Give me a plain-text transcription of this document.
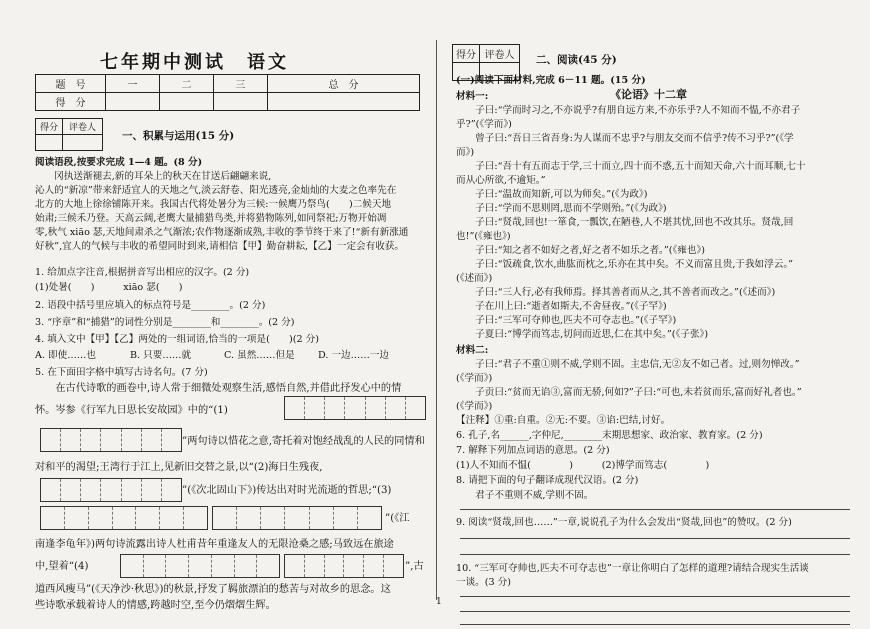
七年期中测试　语文
题　号	一	二	三	总　分
得　分				
得分	评卷人

一、积累与运用(15 分)
阅读语段,按要求完成 1—4 题。(8 分)
　　冈执送渐褪去,新的耳朵上的秋天在甘送后翩翩来说,
沁人的“新凉”带来舒适宜人的天地之气,淡云舒卷、阳光透亮,金灿灿的大麦之色率先在
北方的大地上徐徐铺陈开来。我国古代将处暑分为三候:一候鹰乃祭鸟(　　)二候天地
始肃;三候禾乃登。天高云阔,老鹰大量捕猎鸟类,并将猎物陈列,如同祭祀;万物开始凋
零,秋气 xiāo 瑟,天地间肃杀之气渐浓;农作物逐渐成熟,丰收的季节终于来了!“新有新涨通
好秋”,宜人的气候与丰收的希望同时到来,请相信【甲】勤奋耕耘,【乙】一定会有收获。
1. 给加点字注音,根据拼音写出相应的汉字。(2 分)
(1)处暑(　　)　　　xiāo 瑟(　　)
2. 语段中括号里应填入的标点符号是________。(2 分)
3. “序章”和“捕猎”的词性分别是________和________。(2 分)
4. 填入文中【甲】【乙】两处的一组词语,恰当的一项是(　　)(2 分)
A. 即使……也	B. 只要……就	C. 虽然……但是 D. 一边……一边
5. 在下面田字格中填写古诗名句。(7 分)
　　在古代诗歌的画卷中,诗人常于细微处观察生活,感悟自然,并借此抒发心中的情
怀。岑参《行军九日思长安故园》中的“(1)
”两句诗以惜花之意,寄托着对饱经战乱的人民的同情和
对和平的渴望;王湾行于江上,见新旧交替之景,以“(2)海日生残夜,
”(《次北固山下》)传达出对时光流逝的哲思;“(3)
”(《江
南逢李龟年》)两句诗流露出诗人杜甫昔年重逢友人的无限沧桑之感;马致远在旅途
中,望着“(4)	”,古
道西风瘦马”(《天净沙·秋思》)的秋景,抒发了羁旅漂泊的愁苦与对故乡的思念。这
些诗歌承载着诗人的情感,跨越时空,至今仍熠熠生辉。
得分	评卷人
	二、阅读(45 分)
(一)阅读下面材料,完成 6－11 题。(15 分)
材料一:	《论语》十二章
　　子曰:“学而时习之,不亦说乎?有朋自远方来,不亦乐乎?人不知而不愠,不亦君子
乎?”(《学而》)
　　曾子曰:“吾日三省吾身:为人谋而不忠乎?与朋友交而不信乎?传不习乎?”(《学
而》)
　　子曰:“吾十有五而志于学,三十而立,四十而不惑,五十而知天命,六十而耳顺,七十
而从心所欲,不逾矩。”
　　子曰:“温故而知新,可以为师矣。”(《为政》)
　　子曰:“学而不思则罔,思而不学则殆。”(《为政》)
　　子曰:“贤哉,回也!一箪食,一瓢饮,在陋巷,人不堪其忧,回也不改其乐。贤哉,回
也!”(《雍也》)
　　子曰:“知之者不如好之者,好之者不如乐之者。”(《雍也》)
　　子曰:“饭疏食,饮水,曲肱而枕之,乐亦在其中矣。不义而富且贵,于我如浮云。”
(《述而》)
　　子曰:“三人行,必有我师焉。择其善者而从之,其不善者而改之。”(《述而》)
　　子在川上曰:“逝者如斯夫,不舍昼夜。”(《子罕》)
　　子曰:“三军可夺帅也,匹夫不可夺志也。”(《子罕》)
　　子夏曰:“博学而笃志,切问而近思,仁在其中矣。”(《子张》)
材料二:
　　子曰:“君子不重①则不威,学则不固。主忠信,无②友不如己者。过,则勿惮改。”
(《学而》)
　　子贡曰:“贫而无谄③,富而无骄,何如?”子曰:“可也,未若贫而乐,富而好礼者也。”
(《学而》)
【注释】①重:自重。②无:不要。③谄:巴结,讨好。
6. 孔子,名______,字仲尼,________末期思想家、政治家、教育家。(2 分)
7. 解释下列加点词语的意思。(2 分)
(1)人不知而不愠(　　　　)　　　(2)博学而笃志(　　　　)
8. 请把下面的句子翻译成现代汉语。(2 分)
　　君子不重则不威,学则不固。
9. 阅读“贤哉,回也……”一章,说说孔子为什么会发出“贤哉,回也”的赞叹。(2 分)
10. “三军可夺帅也,匹夫不可夺志也”一章让你明白了怎样的道理?请结合现实生活谈
一谈。(3 分)
1
